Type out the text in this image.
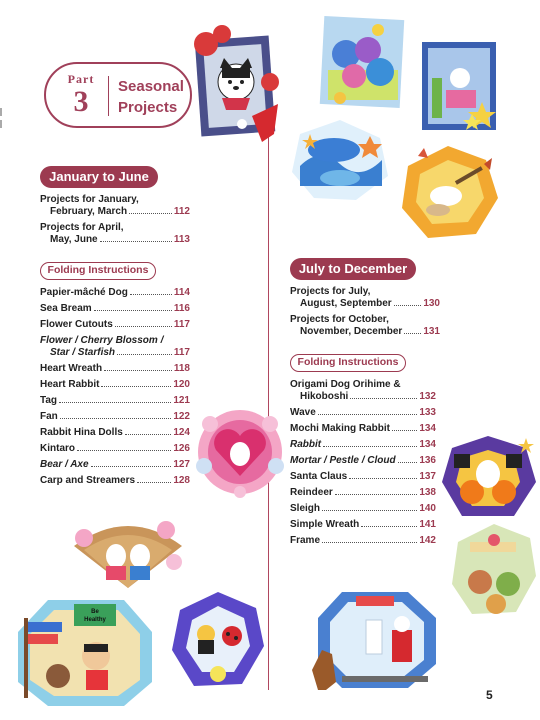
Part
3	Seasonal
Projects
January to June
Projects for January,
February, March	112
Projects for April,
May, June	113
Folding Instructions
Papier-mâché Dog	114
Sea Bream	116
Flower Cutouts	117
Flower / Cherry Blossom /
Star / Starfish	117
Heart Wreath	118
Heart Rabbit	120
Tag	121
Fan	122
Rabbit Hina Dolls	124
Kintaro	126
Bear / Axe	127
Carp and Streamers	128
July to December
Projects for July,
August, September	130
Projects for October,
November, December 131
Folding Instructions
Origami Dog Orihime &
Hikoboshi	132
Wave	133
Mochi Making Rabbit	134
Rabbit	134
Mortar / Pestle / Cloud 136
Santa Claus	137
Reindeer	138
Sleigh	140
Simple Wreath	141
Frame	142
Be
Healthy
5
